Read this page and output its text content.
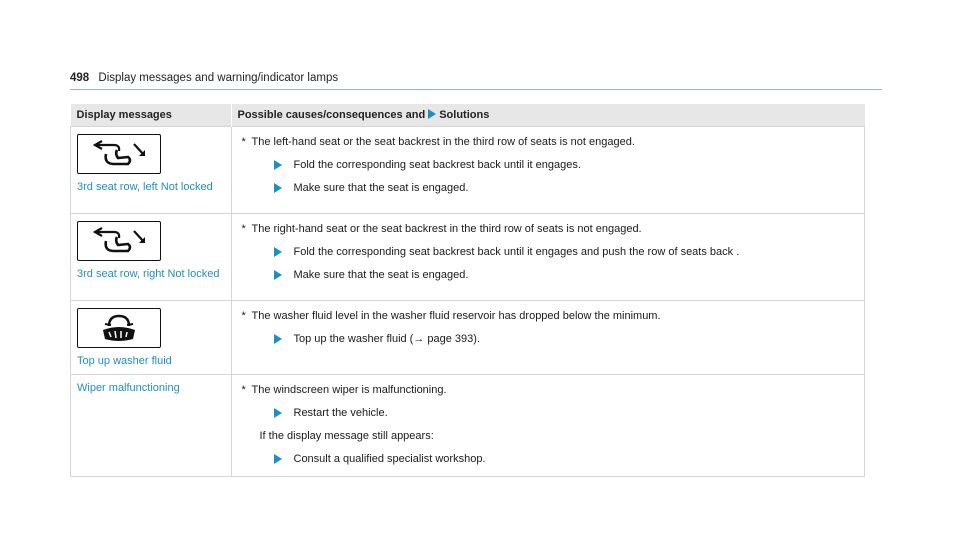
498 Display messages and warning/indicator lamps
Display messages	Possible causes/consequences and Solutions

3rd seat row, left Not locked	* The left-hand seat or the seat backrest in the third row of seats is not engaged.
Fold the corresponding seat backrest back until it engages.
Make sure that the seat is engaged.

3rd seat row, right Not locked	* The right-hand seat or the seat backrest in the third row of seats is not engaged.
Fold the corresponding seat backrest back until it engages and push the row of seats back .
Make sure that the seat is engaged.

Top up washer fluid	* The washer fluid level in the washer fluid reservoir has dropped below the minimum.
Top up the washer fluid (→ page 393).

Wiper malfunctioning	* The windscreen wiper is malfunctioning.
Restart the vehicle.
If the display message still appears:
Consult a qualified specialist workshop.
